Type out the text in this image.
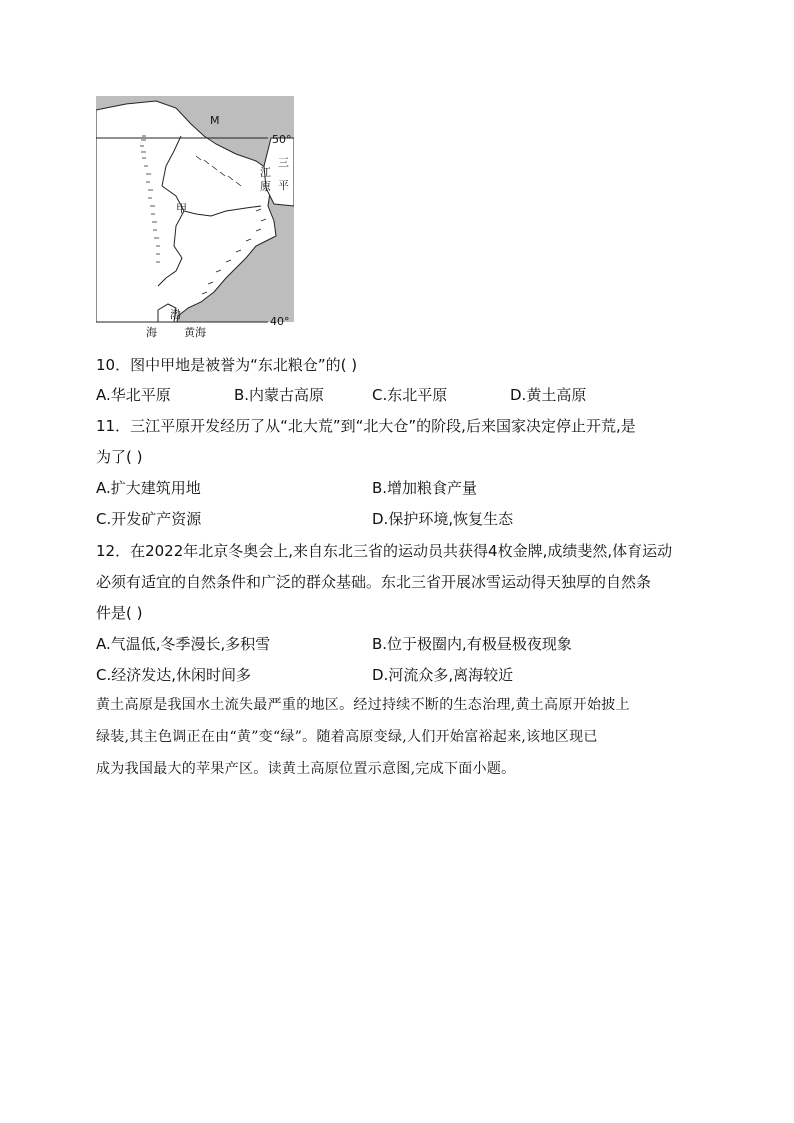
M
50°
40°
三
江
平
原
甲
渤
海 黄海
10．图中甲地是被誉为“东北粮仓”的( )
A.华北平原	B.内蒙古高原	C.东北平原	D.黄土高原
11．三江平原开发经历了从“北大荒”到“北大仓”的阶段,后来国家决定停止开荒,是
为了( )
A.扩大建筑用地	B.增加粮食产量
C.开发矿产资源	D.保护环境,恢复生态
12．在2022年北京冬奥会上,来自东北三省的运动员共获得4枚金牌,成绩斐然,体育运动
必须有适宜的自然条件和广泛的群众基础。东北三省开展冰雪运动得天独厚的自然条
件是( )
A.气温低,冬季漫长,多积雪	B.位于极圈内,有极昼极夜现象
C.经济发达,休闲时间多	D.河流众多,离海较近
黄土高原是我国水土流失最严重的地区。经过持续不断的生态治理,黄土高原开始披上
绿装,其主色调正在由“黄”变“绿”。随着高原变绿,人们开始富裕起来,该地区现已
成为我国最大的苹果产区。读黄土高原位置示意图,完成下面小题。
